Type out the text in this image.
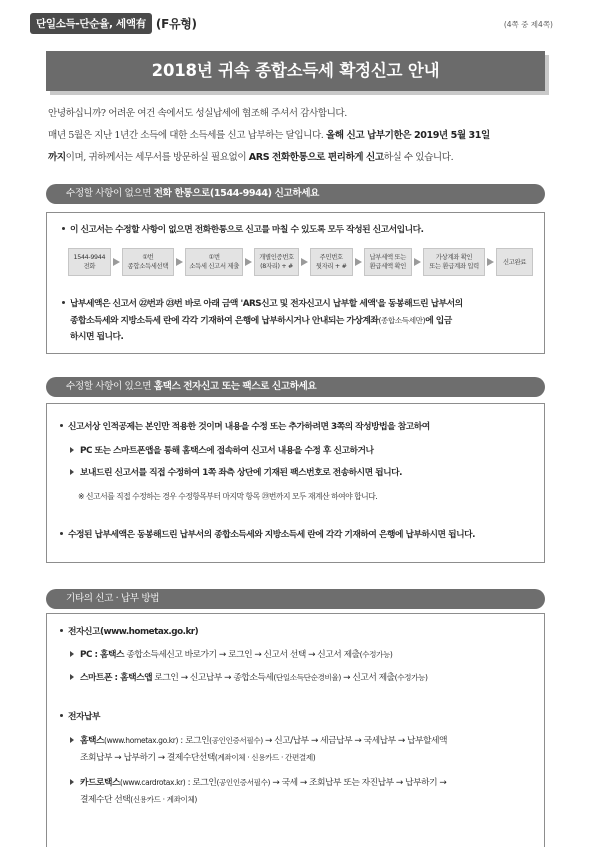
단일소득-단순율, 세액有 (F유형)	(4쪽 중 제4쪽)
2018년 귀속 종합소득세 확정신고 안내
안녕하십니까? 어려운 여건 속에서도 성실납세에 협조해 주셔서 감사합니다.
매년 5월은 지난 1년간 소득에 대한 소득세를 신고 납부하는 달입니다. 올해 신고 납부기한은 2019년 5월 31일
까지이며, 귀하께서는 세무서를 방문하실 필요없이 ARS 전화한통으로 편리하게 신고하실 수 있습니다.
수정할 사항이 없으면 전화 한통으로(1544-9944) 신고하세요
이 신고서는 수정할 사항이 없으면 전화한통으로 신고를 마칠 수 있도록 모두 작성된 신고서입니다.
1544-9944
전화
①번
종합소득세선택
①번
소득세 신고서 제출
개별인증번호
(8자리) + #
주민번호
뒷자리 + #
납부세액 또는
환급세액 확인
가상계좌 확인
또는 환급계좌 입력
신고완료
납부세액은 신고서 ㉒번과 ㉓번 바로 아래 금액 'ARS신고 및 전자신고시 납부할 세액'을 동봉해드린 납부서의
종합소득세와 지방소득세 란에 각각 기재하여 은행에 납부하시거나 안내되는 가상계좌(종합소득세만)에 입금
하시면 됩니다.
수정할 사항이 있으면 홈택스 전자신고 또는 팩스로 신고하세요
신고서상 인적공제는 본인만 적용한 것이며 내용을 수정 또는 추가하려면 3쪽의 작성방법을 참고하여
PC 또는 스마트폰앱을 통해 홈택스에 접속하여 신고서 내용을 수정 후 신고하거나
보내드린 신고서를 직접 수정하여 1쪽 좌측 상단에 기재된 팩스번호로 전송하시면 됩니다.
※ 신고서를 직접 수정하는 경우 수정항목부터 마지막 항목 ㉙번까지 모두 재계산 하여야 합니다.
수정된 납부세액은 동봉해드린 납부서의 종합소득세와 지방소득세 란에 각각 기재하여 은행에 납부하시면 됩니다.
기타의 신고 · 납부 방법
전자신고(www.hometax.go.kr)
PC : 홈택스 종합소득세신고 바로가기 → 로그인 → 신고서 선택 → 신고서 제출(수정가능)
스마트폰 : 홈택스앱 로그인 → 신고납부 → 종합소득세(단일소득단순경비율) → 신고서 제출(수정가능)
전자납부
홈택스(www.hometax.go.kr) : 로그인(공인인증서필수) → 신고/납부 → 세금납부 → 국세납부 → 납부할세액
조회납부 → 납부하기 → 결제수단선택(계좌이체 · 신용카드 · 간편결제)
카드로택스(www.cardrotax.kr) : 로그인(공인인증서필수) → 국세 → 조회납부 또는 자진납부 → 납부하기 →
결제수단 선택(신용카드 · 계좌이체)
